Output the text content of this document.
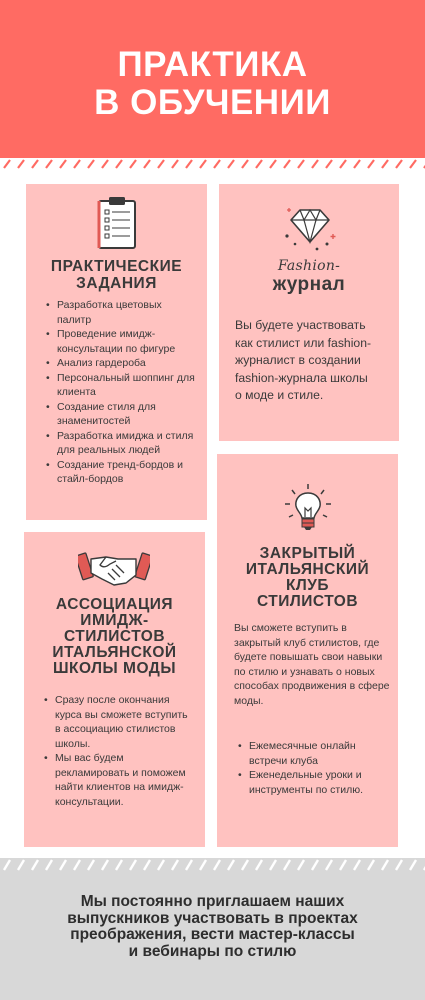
ПРАКТИКА
В ОБУЧЕНИИ
ПРАКТИЧЕСКИЕ
ЗАДАНИЯ
• Разработка цветовых палитр
• Проведение имидж-консультации по фигуре
• Анализ гардероба
• Персональный шоппинг для клиента
• Создание стиля для знаменитостей
• Разработка имиджа и стиля для реальных людей
• Создание тренд-бордов и стайл-бордов
Fashion-
журнал
Вы будете участвовать
как стилист или fashion-
журналист в создании
fashion-журнала школы
о моде и стиле.
АССОЦИАЦИЯ
ИМИДЖ-
СТИЛИСТОВ
ИТАЛЬЯНСКОЙ
ШКОЛЫ МОДЫ
• Сразу после окончания курса вы сможете вступить в ассоциацию стилистов школы.
• Мы вас будем рекламировать и поможем найти клиентов на имидж-консультации.
ЗАКРЫТЫЙ
ИТАЛЬЯНСКИЙ
КЛУБ
СТИЛИСТОВ
Вы сможете вступить в закрытый клуб стилистов, где будете повышать свои навыки по стилю и узнавать о новых способах продвижения в сфере моды.
• Ежемесячные онлайн встречи клуба
• Еженедельные уроки и инструменты по стилю.

Мы постоянно приглашаем наших
выпускников участвовать в проектах
преображения, вести мастер-классы
и вебинары по стилю
